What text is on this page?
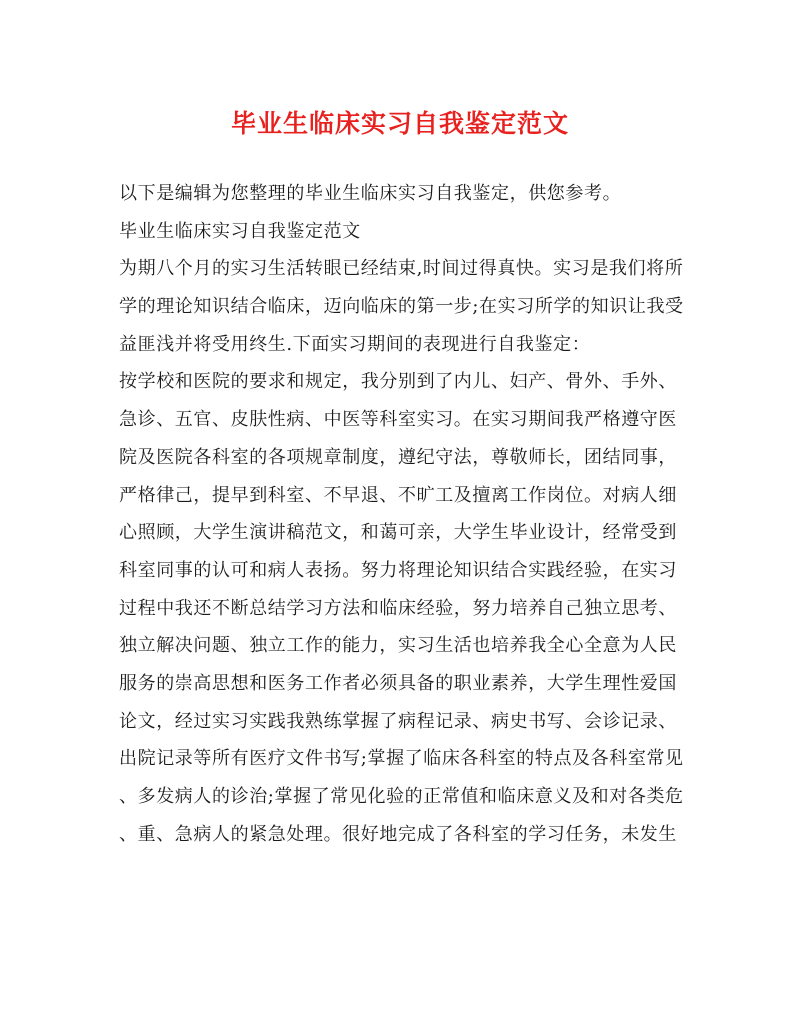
毕业生临床实习自我鉴定范文
以下是编辑为您整理的毕业生临床实习自我鉴定，供您参考。
毕业生临床实习自我鉴定范文
为期八个月的实习生活转眼已经结束,时间过得真快。实习是我们将所
学的理论知识结合临床，迈向临床的第一步;在实习所学的知识让我受
益匪浅并将受用终生.下面实习期间的表现进行自我鉴定：
按学校和医院的要求和规定，我分别到了内儿、妇产、骨外、手外、
急诊、五官、皮肤性病、中医等科室实习。在实习期间我严格遵守医
院及医院各科室的各项规章制度，遵纪守法，尊敬师长，团结同事，
严格律己，提早到科室、不早退、不旷工及擅离工作岗位。对病人细
心照顾，大学生演讲稿范文，和蔼可亲，大学生毕业设计，经常受到
科室同事的认可和病人表扬。努力将理论知识结合实践经验，在实习
过程中我还不断总结学习方法和临床经验，努力培养自己独立思考、
独立解决问题、独立工作的能力，实习生活也培养我全心全意为人民
服务的崇高思想和医务工作者必须具备的职业素养，大学生理性爱国
论文，经过实习实践我熟练掌握了病程记录、病史书写、会诊记录、
出院记录等所有医疗文件书写;掌握了临床各科室的特点及各科室常见
、多发病人的诊治;掌握了常见化验的正常值和临床意义及和对各类危
、重、急病人的紧急处理。很好地完成了各科室的学习任务，未发生
